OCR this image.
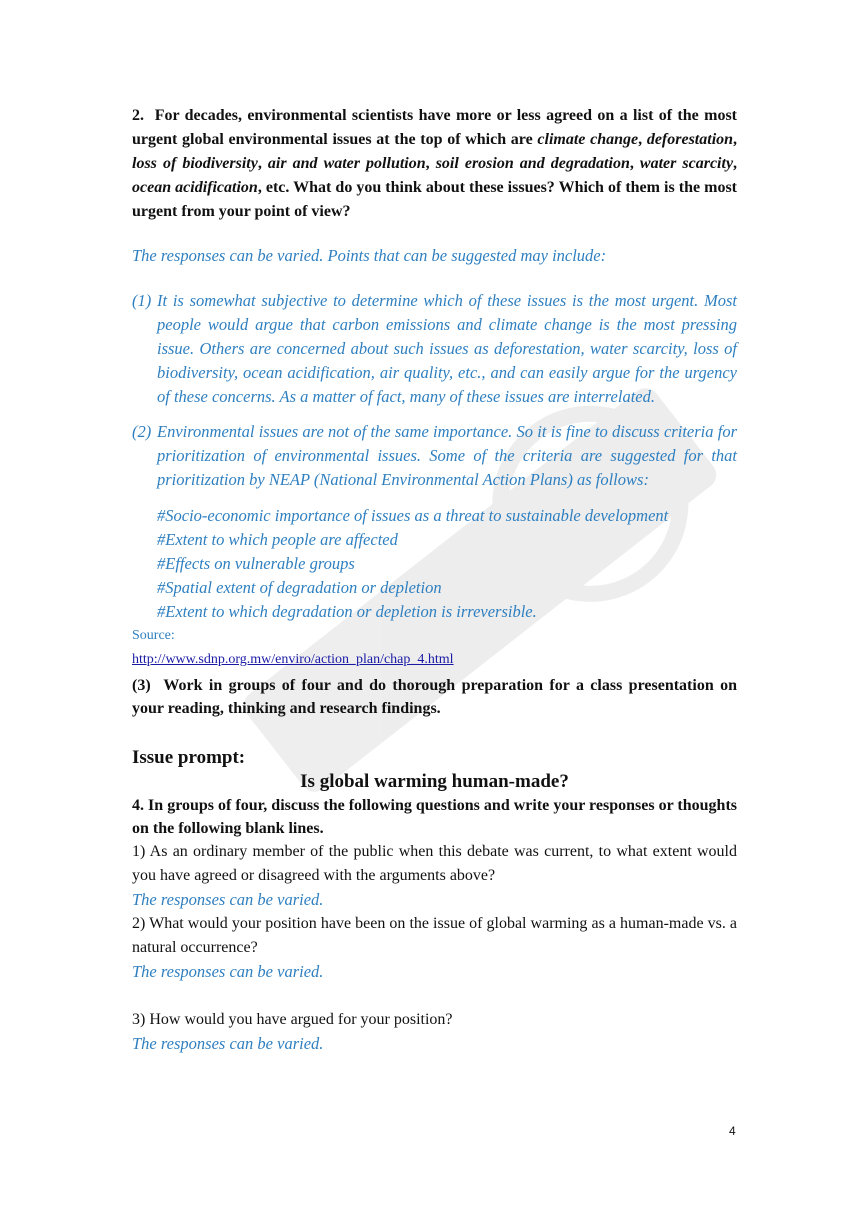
2.  For decades, environmental scientists have more or less agreed on a list of the most urgent global environmental issues at the top of which are climate change, deforestation, loss of biodiversity, air and water pollution, soil erosion and degradation, water scarcity, ocean acidification, etc. What do you think about these issues? Which of them is the most urgent from your point of view?

The responses can be varied. Points that can be suggested may include:
(1) It is somewhat subjective to determine which of these issues is the most urgent. Most people would argue that carbon emissions and climate change is the most pressing issue. Others are concerned about such issues as deforestation, water scarcity, loss of biodiversity, ocean acidification, air quality, etc., and can easily argue for the urgency of these concerns. As a matter of fact, many of these issues are interrelated.
(2) Environmental issues are not of the same importance. So it is fine to discuss criteria for prioritization of environmental issues. Some of the criteria are suggested for that prioritization by NEAP (National Environmental Action Plans) as follows:
#Socio-economic importance of issues as a threat to sustainable development
#Extent to which people are affected
#Effects on vulnerable groups
#Spatial extent of degradation or depletion
#Extent to which degradation or depletion is irreversible.
Source:
http://www.sdnp.org.mw/enviro/action_plan/chap_4.html
(3)  Work in groups of four and do thorough preparation for a class presentation on your reading, thinking and research findings.
Issue prompt:
Is global warming human-made?
4. In groups of four, discuss the following questions and write your responses or thoughts on the following blank lines.
1) As an ordinary member of the public when this debate was current, to what extent would you have agreed or disagreed with the arguments above?
The responses can be varied.
2) What would your position have been on the issue of global warming as a human-made vs. a natural occurrence?
The responses can be varied.
3) How would you have argued for your position?
The responses can be varied.
4
